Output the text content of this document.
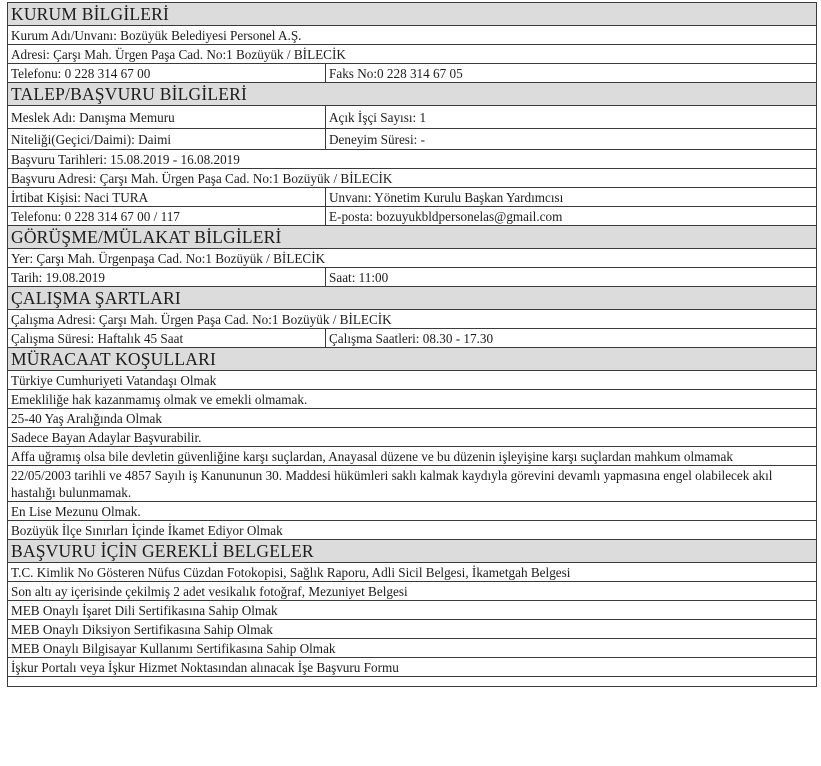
KURUM BİLGİLERİ
Kurum Adı/Unvanı: Bozüyük Belediyesi Personel A.Ş.
Adresi: Çarşı Mah. Ürgen Paşa Cad. No:1 Bozüyük / BİLECİK
Telefonu: 0 228 314 67 00	Faks No:0 228 314 67 05
TALEP/BAŞVURU BİLGİLERİ
Meslek Adı: Danışma Memuru	Açık İşçi Sayısı: 1
Niteliği(Geçici/Daimi): Daimi	Deneyim Süresi: -
Başvuru Tarihleri: 15.08.2019 - 16.08.2019
Başvuru Adresi: Çarşı Mah. Ürgen Paşa Cad. No:1 Bozüyük / BİLECİK
İrtibat Kişisi: Naci TURA	Unvanı: Yönetim Kurulu Başkan Yardımcısı
Telefonu: 0 228 314 67 00 / 117	E-posta: bozuyukbldpersonelas@gmail.com
GÖRÜŞME/MÜLAKAT BİLGİLERİ
Yer: Çarşı Mah. Ürgenpaşa Cad. No:1 Bozüyük / BİLECİK
Tarih: 19.08.2019	Saat: 11:00
ÇALIŞMA ŞARTLARI
Çalışma Adresi: Çarşı Mah. Ürgen Paşa Cad. No:1 Bozüyük / BİLECİK
Çalışma Süresi: Haftalık 45 Saat	Çalışma Saatleri: 08.30 - 17.30
MÜRACAAT KOŞULLARI
Türkiye Cumhuriyeti Vatandaşı Olmak
Emekliliğe hak kazanmamış olmak ve emekli olmamak.
25-40 Yaş Aralığında Olmak
Sadece Bayan Adaylar Başvurabilir.
Affa uğramış olsa bile devletin güvenliğine karşı suçlardan, Anayasal düzene ve bu düzenin işleyişine karşı suçlardan mahkum olmamak
22/05/2003 tarihli ve 4857 Sayılı iş Kanununun 30. Maddesi hükümleri saklı kalmak kaydıyla görevini devamlı yapmasına engel olabilecek akıl hastalığı bulunmamak.
En Lise Mezunu Olmak.
Bozüyük İlçe Sınırları İçinde İkamet Ediyor Olmak
BAŞVURU İÇİN GEREKLİ BELGELER
T.C. Kimlik No Gösteren Nüfus Cüzdan Fotokopisi, Sağlık Raporu, Adli Sicil Belgesi, İkametgah Belgesi
Son altı ay içerisinde çekilmiş 2 adet vesikalık fotoğraf, Mezuniyet Belgesi
MEB Onaylı İşaret Dili Sertifikasına Sahip Olmak
MEB Onaylı Diksiyon Sertifikasına Sahip Olmak
MEB Onaylı Bilgisayar Kullanımı Sertifikasına Sahip Olmak
İşkur Portalı veya İşkur Hizmet Noktasından alınacak İşe Başvuru Formu
